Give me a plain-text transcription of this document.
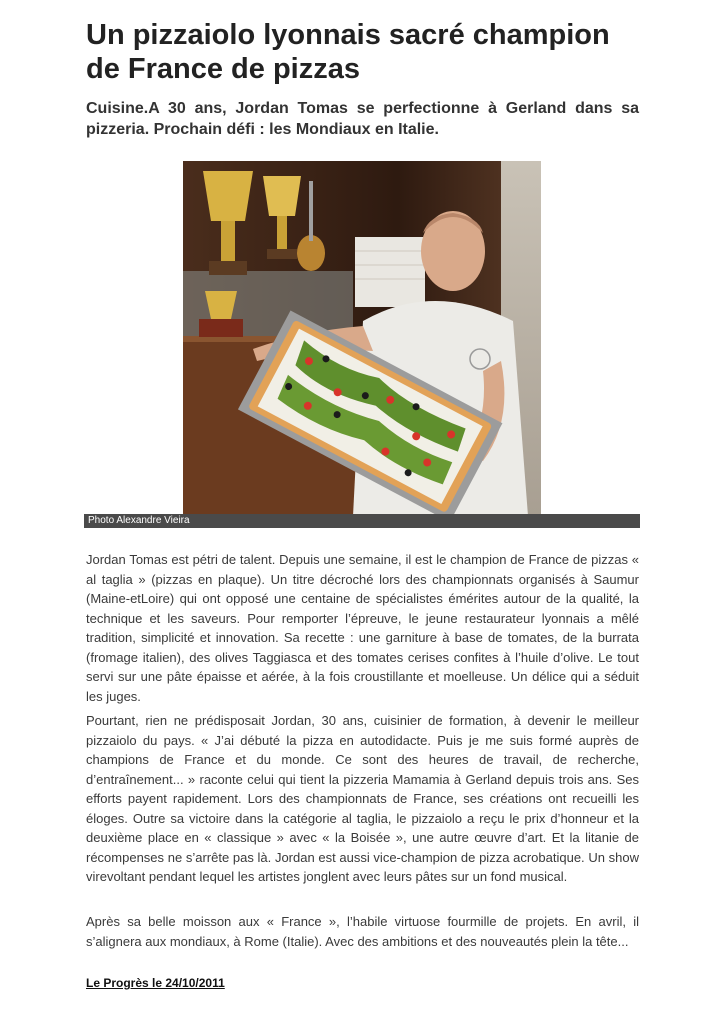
Un pizzaiolo lyonnais sacré champion de France de pizzas

Cuisine.A 30 ans, Jordan Tomas se perfectionne à Gerland dans sa pizzeria. Prochain défi : les Mondiaux en Italie.

Photo Alexandre Vieira

Jordan Tomas est pétri de talent. Depuis une semaine, il est le champion de France de pizzas « al taglia » (pizzas en plaque). Un titre décroché lors des championnats organisés à Saumur (Maine-etLoire) qui ont opposé une centaine de spécialistes émérites autour de la qualité, la technique et les saveurs. Pour remporter l’épreuve, le jeune restaurateur lyonnais a mêlé tradition, simplicité et innovation. Sa recette : une garniture à base de tomates, de la burrata (fromage italien), des olives Taggiasca et des tomates cerises confites à l’huile d’olive. Le tout servi sur une pâte épaisse et aérée, à la fois croustillante et moelleuse. Un délice qui a séduit les juges.

Pourtant, rien ne prédisposait Jordan, 30 ans, cuisinier de formation, à devenir le meilleur pizzaiolo du pays. « J’ai débuté la pizza en autodidacte. Puis je me suis formé auprès de champions de France et du monde. Ce sont des heures de travail, de recherche, d’entraînement... » raconte celui qui tient la pizzeria Mamamia à Gerland depuis trois ans. Ses efforts payent rapidement. Lors des championnats de France, ses créations ont recueilli les éloges. Outre sa victoire dans la catégorie al taglia, le pizzaiolo a reçu le prix d’honneur et la deuxième place en « classique » avec « la Boisée », une autre œuvre d’art. Et la litanie de récompenses ne s’arrête pas là. Jordan est aussi vice-champion de pizza acrobatique. Un show virevoltant pendant lequel les artistes jonglent avec leurs pâtes sur un fond musical.

Après sa belle moisson aux « France », l’habile virtuose fourmille de projets. En avril, il s’alignera aux mondiaux, à Rome (Italie). Avec des ambitions et des nouveautés plein la tête...

Le Progrès le 24/10/2011
